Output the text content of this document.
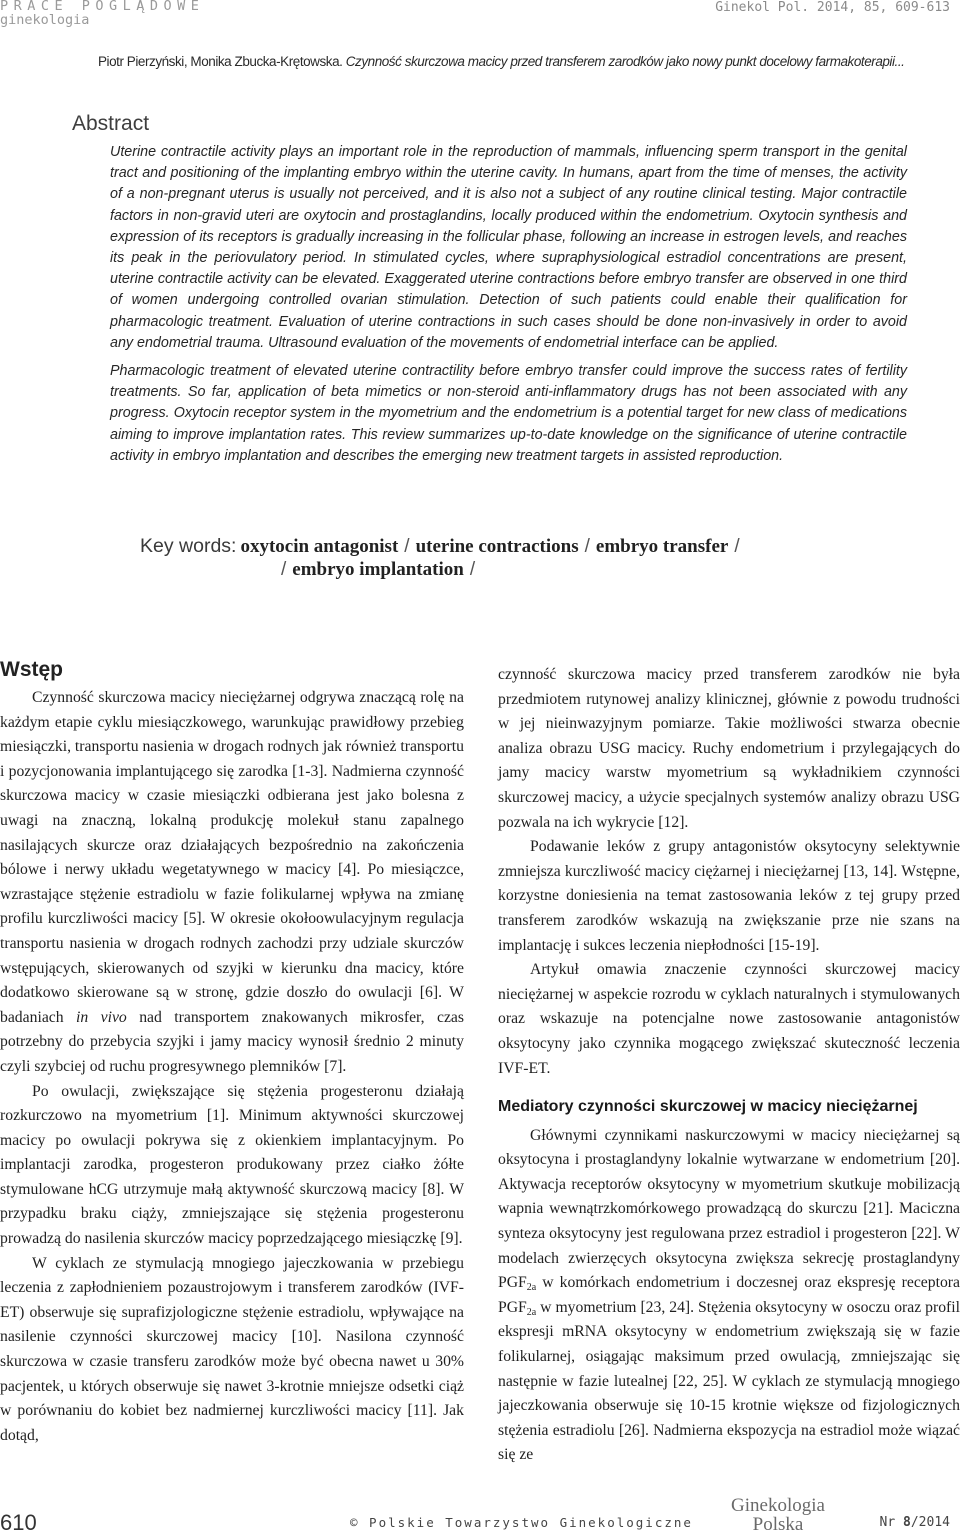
PRACE POGLĄDOWE
ginekologia
Ginekol Pol. 2014, 85, 609-613
Piotr Pierzyński, Monika Zbucka-Krętowska. Czynność skurczowa macicy przed transferem zarodków jako nowy punkt docelowy farmakoterapii...
Abstract

Uterine contractile activity plays an important role in the reproduction of mammals, influencing sperm transport in the genital tract and positioning of the implanting embryo within the uterine cavity. In humans, apart from the time of menses, the activity of a non-pregnant uterus is usually not perceived, and it is also not a subject of any routine clinical testing. Major contractile factors in non-gravid uteri are oxytocin and prostaglandins, locally produced within the endometrium. Oxytocin synthesis and expression of its receptors is gradually increasing in the follicular phase, following an increase in estrogen levels, and reaches its peak in the periovulatory period. In stimulated cycles, where supraphysiological estradiol concentrations are present, uterine contractile activity can be elevated. Exaggerated uterine contractions before embryo transfer are observed in one third of women undergoing controlled ovarian stimulation. Detection of such patients could enable their qualification for pharmacologic treatment. Evaluation of uterine contractions in such cases should be done non-invasively in order to avoid any endometrial trauma. Ultrasound evaluation of the movements of endometrial interface can be applied.

Pharmacologic treatment of elevated uterine contractility before embryo transfer could improve the success rates of fertility treatments. So far, application of beta mimetics or non-steroid anti-inflammatory drugs has not been associated with any progress. Oxytocin receptor system in the myometrium and the endometrium is a potential target for new class of medications aiming to improve implantation rates. This review summarizes up-to-date knowledge on the significance of uterine contractile activity in embryo implantation and describes the emerging new treatment targets in assisted reproduction.

Key words: oxytocin antagonist / uterine contractions / embryo transfer /
/ embryo implantation /
Wstęp

Czynność skurczowa macicy nieciężarnej odgrywa znaczącą rolę na każdym etapie cyklu miesiączkowego, warunkując prawidłowy przebieg miesiączki, transportu nasienia w drogach rodnych jak również transportu i pozycjonowania implantującego się zarodka [1-3]. Nadmierna czynność skurczowa macicy w czasie miesiączki odbierana jest jako bolesna z uwagi na znaczną, lokalną produkcję molekuł stanu zapalnego nasilających skurcze oraz działających bezpośrednio na zakończenia bólowe i nerwy układu wegetatywnego w macicy [4]. Po miesiączce, wzrastające stężenie estradiolu w fazie folikularnej wpływa na zmianę profilu kurczliwości macicy [5]. W okresie okołoowulacyjnym regulacja transportu nasienia w drogach rodnych zachodzi przy udziale skurczów wstępujących, skierowanych od szyjki w kierunku dna macicy, które dodatkowo skierowane są w stronę, gdzie doszło do owulacji [6]. W badaniach in vivo nad transportem znakowanych mikrosfer, czas potrzebny do przebycia szyjki i jamy macicy wynosił średnio 2 minuty czyli szybciej od ruchu progresywnego plemników [7].

Po owulacji, zwiększające się stężenia progesteronu działają rozkurczowo na myometrium [1]. Minimum aktywności skurczowej macicy po owulacji pokrywa się z okienkiem implantacyjnym. Po implantacji zarodka, progesteron produkowany przez ciałko żółte stymulowane hCG utrzymuje małą aktywność skurczową macicy [8]. W przypadku braku ciąży, zmniejszające się stężenia progesteronu prowadzą do nasilenia skurczów macicy poprzedzającego miesiączkę [9].

W cyklach ze stymulacją mnogiego jajeczkowania w przebiegu leczenia z zapłodnieniem pozaustrojowym i transferem zarodków (IVF-ET) obserwuje się suprafizjologiczne stężenie estradiolu, wpływające na nasilenie czynności skurczowej macicy [10]. Nasilona czynność skurczowa w czasie transferu zarodków może być obecna nawet u 30% pacjentek, u których obserwuje się nawet 3-krotnie mniejsze odsetki ciąż w porównaniu do kobiet bez nadmiernej kurczliwości macicy [11]. Jak dotąd,

czynność skurczowa macicy przed transferem zarodków nie była przedmiotem rutynowej analizy klinicznej, głównie z powodu trudności w jej nieinwazyjnym pomiarze. Takie możliwości stwarza obecnie analiza obrazu USG macicy. Ruchy endometrium i przylegających do jamy macicy warstw myometrium są wykładnikiem czynności skurczowej macicy, a użycie specjalnych systemów analizy obrazu USG pozwala na ich wykrycie [12].

Podawanie leków z grupy antagonistów oksytocyny selektywnie zmniejsza kurczliwość macicy ciężarnej i nieciężarnej [13, 14]. Wstępne, korzystne doniesienia na temat zastosowania leków z tej grupy przed transferem zarodków wskazują na zwiększanie prze nie szans na implantację i sukces leczenia niepłodności [15-19].

Artykuł omawia znaczenie czynności skurczowej macicy nieciężarnej w aspekcie rozrodu w cyklach naturalnych i stymulowanych oraz wskazuje na potencjalne nowe zastosowanie antagonistów oksytocyny jako czynnika mogącego zwiększać skuteczność leczenia IVF-ET.

Mediatory czynności skurczowej w macicy nieciężarnej

Głównymi czynnikami naskurczowymi w macicy nieciężarnej są oksytocyna i prostaglandyny lokalnie wytwarzane w endometrium [20]. Aktywacja receptorów oksytocyny w myometrium skutkuje mobilizacją wapnia wewnątrzkomórkowego prowadzącą do skurczu [21]. Maciczna synteza oksytocyny jest regulowana przez estradiol i progesteron [22]. W modelach zwierzęcych oksytocyna zwiększa sekrecję prostaglandyny $PGF_{2a}$ w komórkach endometrium i doczesnej oraz ekspresję receptora $PGF_{2a}$ w myometrium [23, 24]. Stężenia oksytocyny w osoczu oraz profil ekspresji mRNA oksytocyny w endometrium zwiększają się w fazie folikularnej, osiągając maksimum przed owulacją, zmniejszając się następnie w fazie lutealnej [22, 25]. W cyklach ze stymulacją mnogiego jajeczkowania obserwuje się 10-15 krotnie większe od fizjologicznych stężenia estradiolu [26]. Nadmierna ekspozycja na estradiol może wiązać się ze

610	© Polskie Towarzystwo Ginekologiczne
Ginekologia
Polska	Nr 8/2014
